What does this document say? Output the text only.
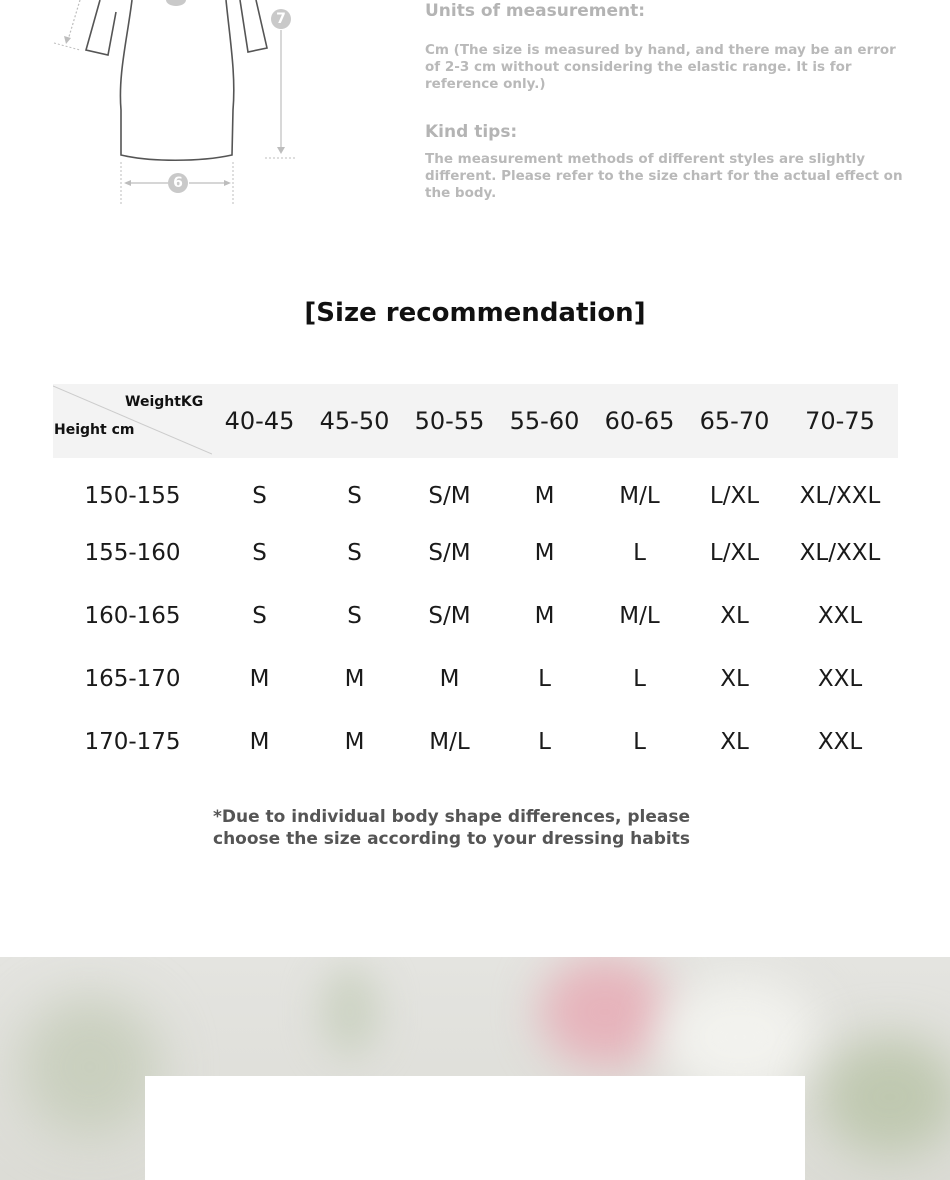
7
6
Units of measurement:
Cm (The size is measured by hand, and there may be an error of 2-3 cm without considering the elastic range. It is for reference only.)
Kind tips:
The measurement methods of different styles are slightly different. Please refer to the size chart for the actual effect on the body.
[Size recommendation]
WeightKG
Height cm	40-45	45-50	50-55	55-60	60-65	65-70	70-75
150-155	S	S	S/M	M	M/L	L/XL	XL/XXL
155-160	S	S	S/M	M	L	L/XL	XL/XXL
160-165	S	S	S/M	M	M/L	XL	XXL
165-170	M	M	M	L	L	XL	XXL
170-175	M	M	M/L	L	L	XL	XXL
*Due to individual body shape differences, please choose the size according to your dressing habits
